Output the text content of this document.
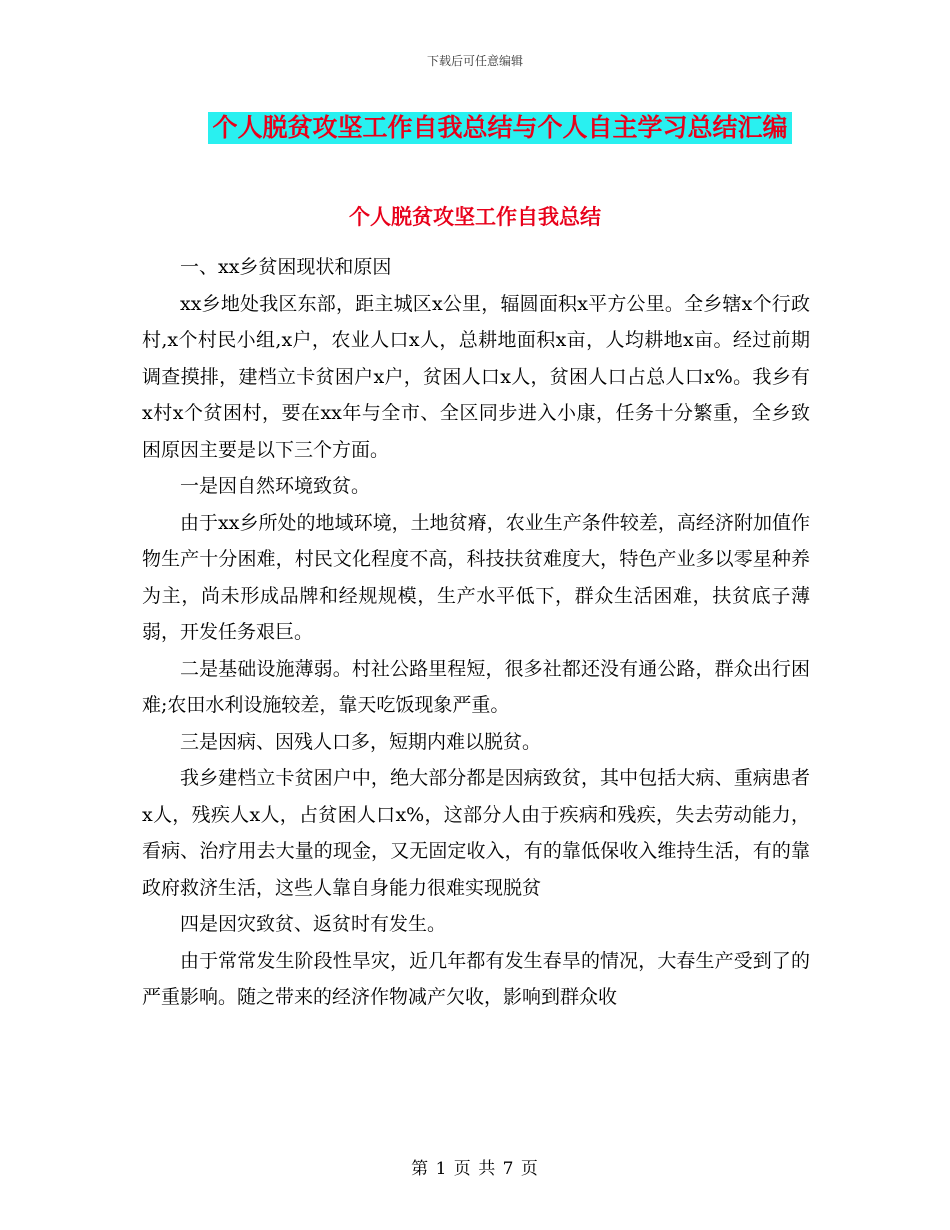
下载后可任意编辑
个人脱贫攻坚工作自我总结与个人自主学习总结汇编
个人脱贫攻坚工作自我总结

一、xx乡贫困现状和原因

xx乡地处我区东部，距主城区x公里，辐圆面积x平方公里。全乡辖x个行政村,x个村民小组,x户，农业人口x人，总耕地面积x亩，人均耕地x亩。经过前期调查摸排，建档立卡贫困户x户，贫困人口x人，贫困人口占总人口x%。我乡有x村x个贫困村，要在xx年与全市、全区同步进入小康，任务十分繁重，全乡致困原因主要是以下三个方面。

一是因自然环境致贫。

由于xx乡所处的地域环境，土地贫瘠，农业生产条件较差，高经济附加值作物生产十分困难，村民文化程度不高，科技扶贫难度大，特色产业多以零星种养为主，尚未形成品牌和经规规模，生产水平低下，群众生活困难，扶贫底子薄弱，开发任务艰巨。

二是基础设施薄弱。村社公路里程短，很多社都还没有通公路，群众出行困难;农田水利设施较差，靠天吃饭现象严重。

三是因病、因残人口多，短期内难以脱贫。

我乡建档立卡贫困户中，绝大部分都是因病致贫，其中包括大病、重病患者x人，残疾人x人，占贫困人口x%，这部分人由于疾病和残疾，失去劳动能力，看病、治疗用去大量的现金，又无固定收入，有的靠低保收入维持生活，有的靠政府救济生活，这些人靠自身能力很难实现脱贫

四是因灾致贫、返贫时有发生。

由于常常发生阶段性旱灾，近几年都有发生春旱的情况，大春生产受到了的严重影响。随之带来的经济作物减产欠收，影响到群众收

第 1 页 共 7 页
